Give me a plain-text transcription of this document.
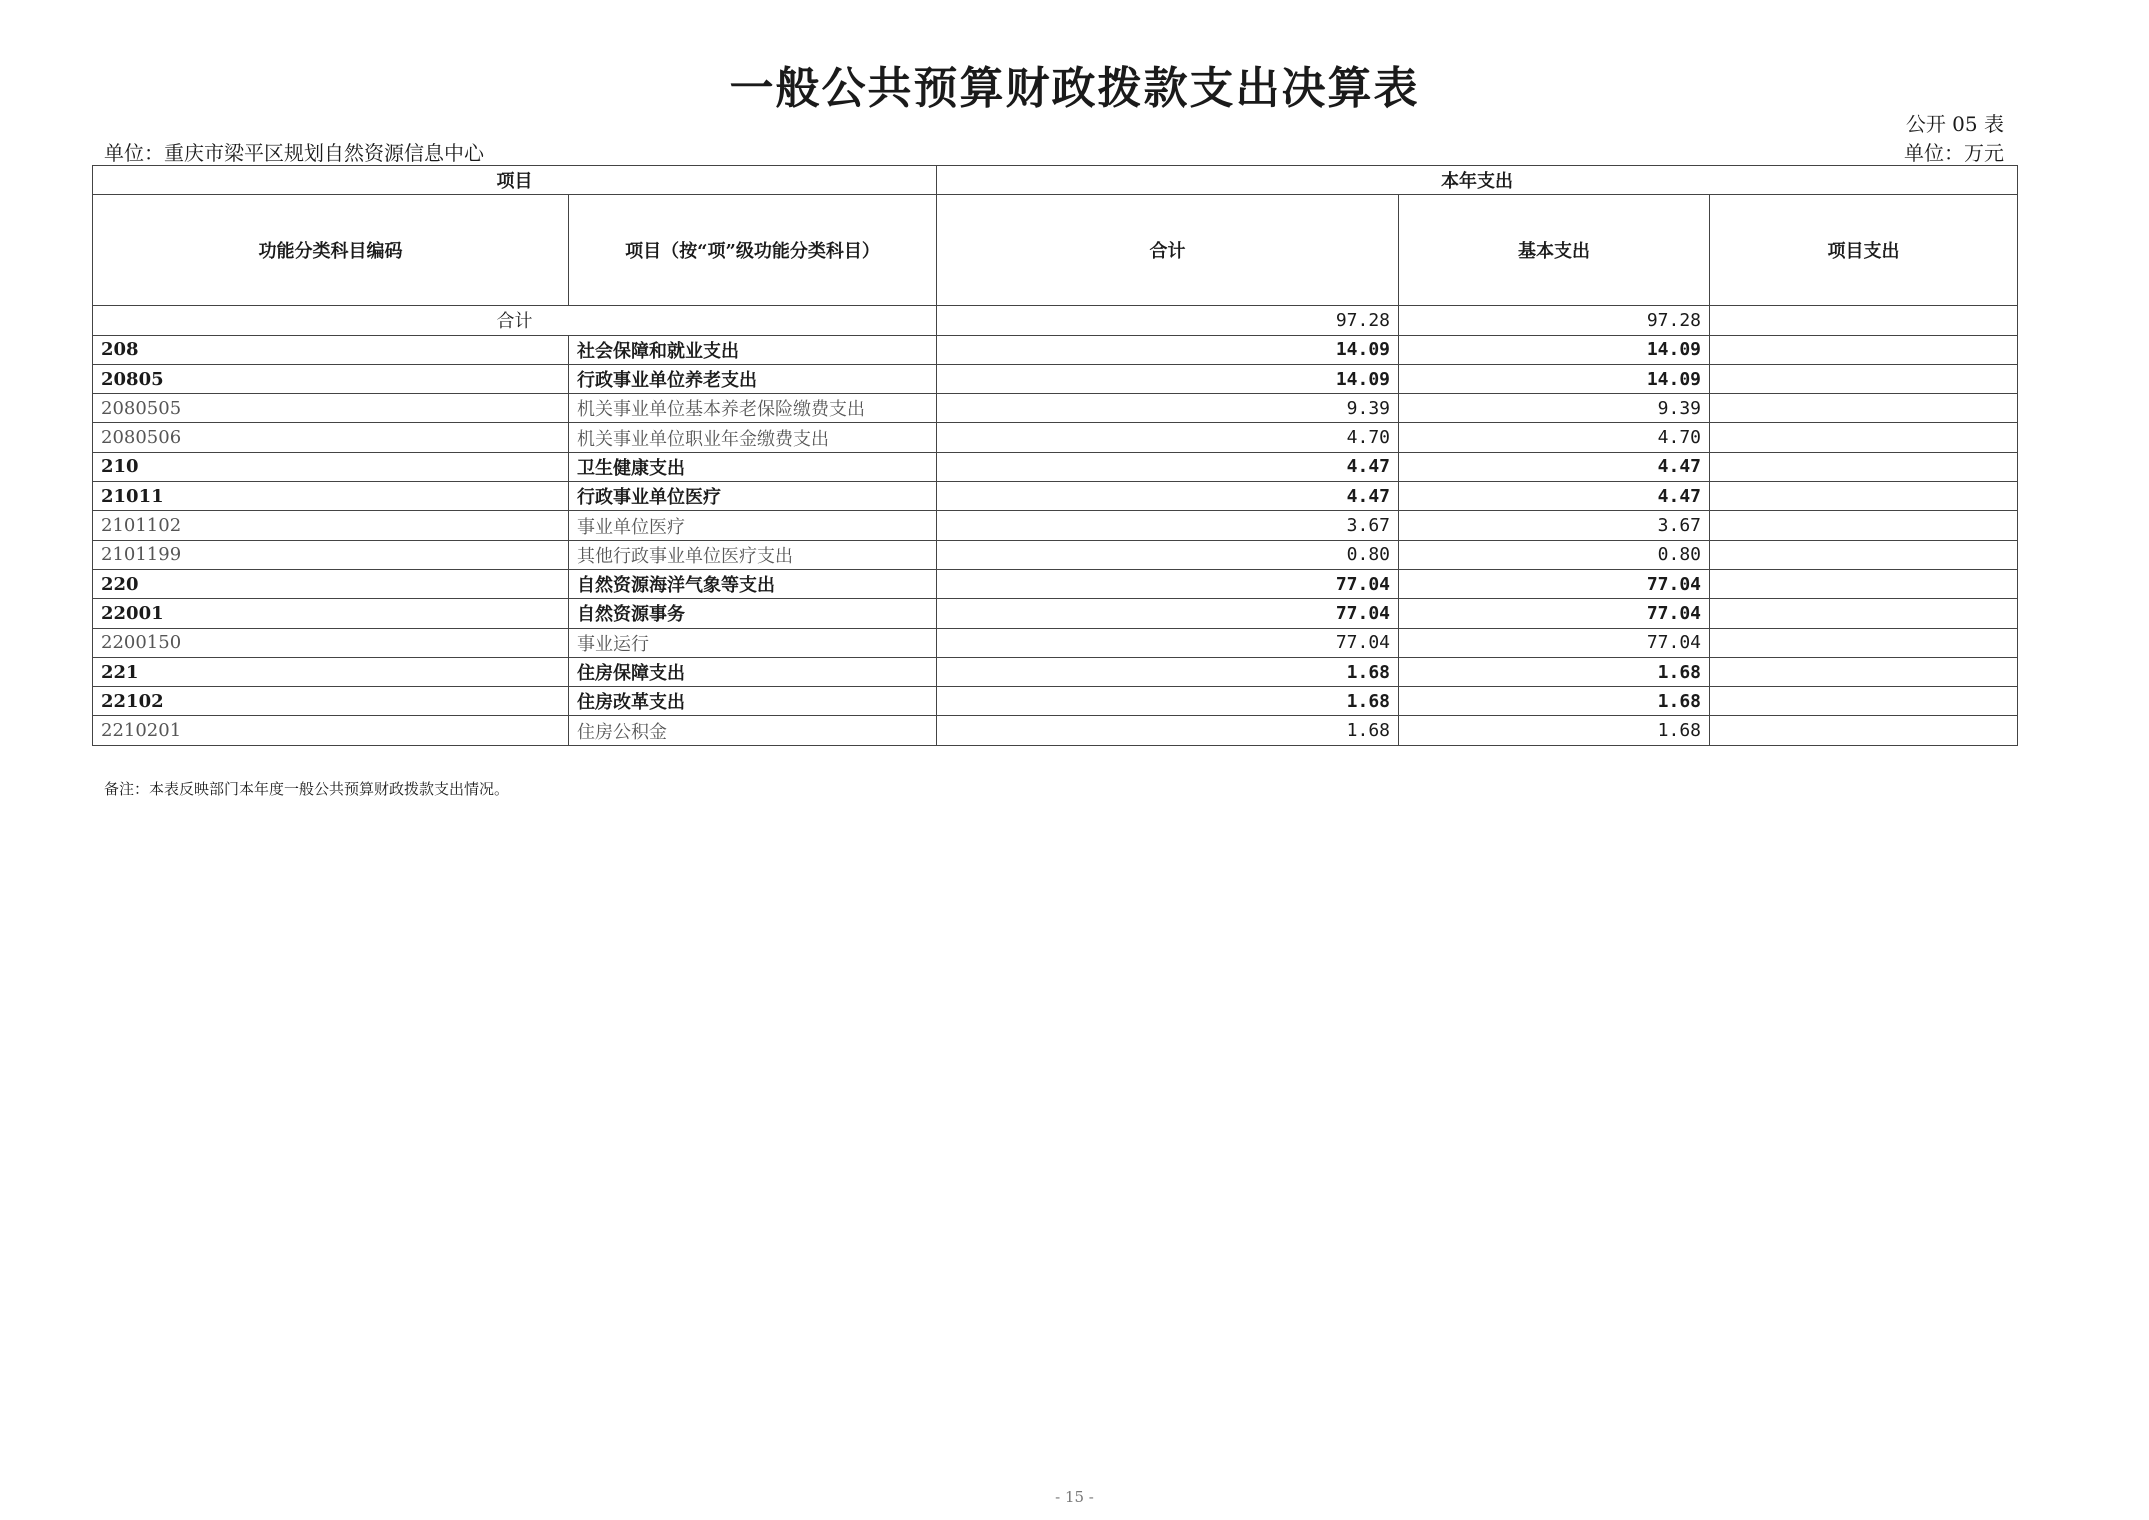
一般公共预算财政拨款支出决算表
公开 05 表
单位：重庆市梁平区规划自然资源信息中心	单位：万元
项目		本年支出		
功能分类科目编码	项目（按“项”级功能分类科目）	合计	基本支出	项目支出
合计		97.28	97.28	
208	社会保障和就业支出	14.09	14.09	
20805	行政事业单位养老支出	14.09	14.09	
2080505	机关事业单位基本养老保险缴费支出	9.39	9.39	
2080506	机关事业单位职业年金缴费支出	4.70	4.70	
210	卫生健康支出	4.47	4.47	
21011	行政事业单位医疗	4.47	4.47	
2101102	事业单位医疗	3.67	3.67	
2101199	其他行政事业单位医疗支出	0.80	0.80	
220	自然资源海洋气象等支出	77.04	77.04	
22001	自然资源事务	77.04	77.04	
2200150	事业运行	77.04	77.04	
221	住房保障支出	1.68	1.68	
22102	住房改革支出	1.68	1.68	
2210201	住房公积金	1.68	1.68	
备注：本表反映部门本年度一般公共预算财政拨款支出情况。
- 15 -
